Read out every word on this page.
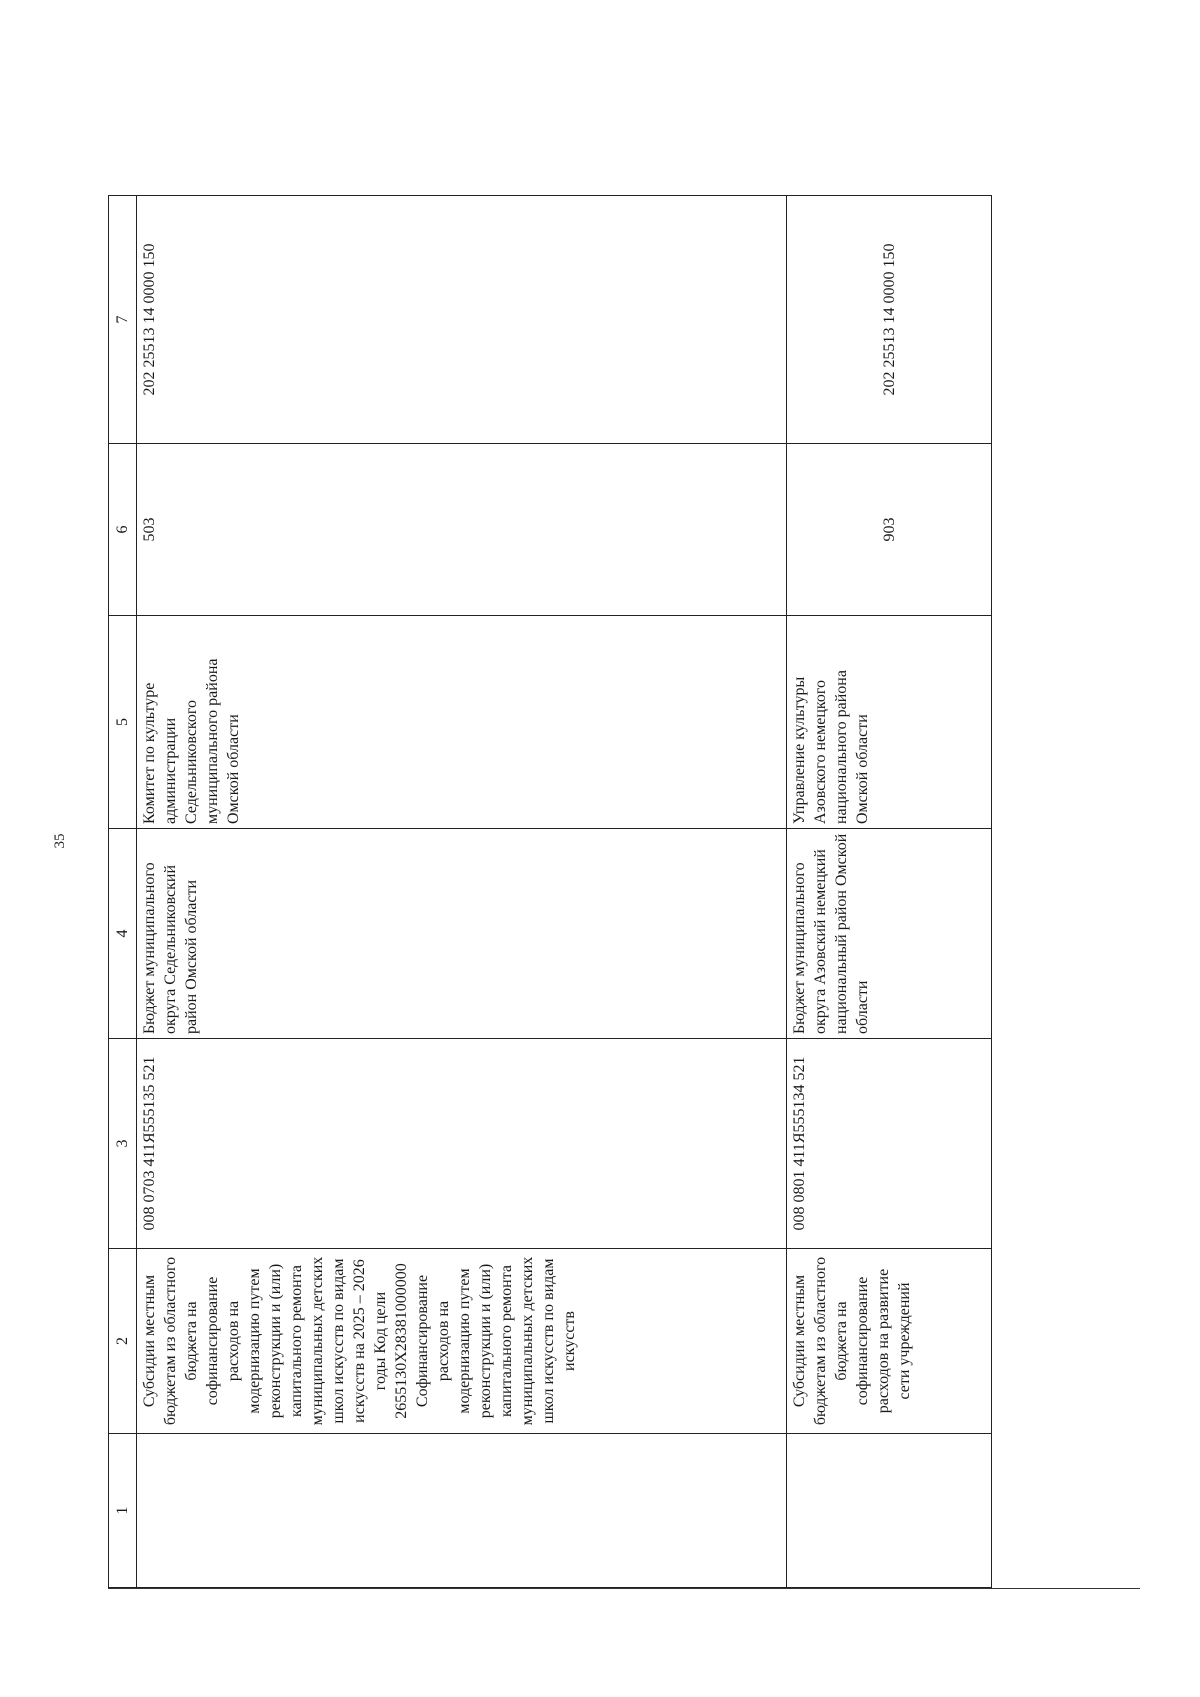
35
1	2	3	4	5	6	7
	Субсидии местным бюджетам из областного бюджета на софинансирование расходов на модернизацию путем реконструкции и (или) капитального ремонта муниципальных детских школ искусств по видам искусств на 2025 – 2026 годы Код цели 2655130Х28381000000 Софинансирование расходов на модернизацию путем реконструкции и (или) капитального ремонта муниципальных детских школ искусств по видам искусств	008 0703 411Я555135 521	Бюджет муниципального округа Седельниковский район Омской области	Комитет по культуре администрации Седельниковского муниципального района Омской области	503	202 25513 14 0000 150
	Субсидии местным бюджетам из областного бюджета на софинансирование расходов на развитие сети учреждений	008 0801 411Я555134 521	Бюджет муниципального округа Азовский немецкий национальный район Омской области	Управление культуры Азовского немецкого национального района Омской области	903	202 25513 14 0000 150
